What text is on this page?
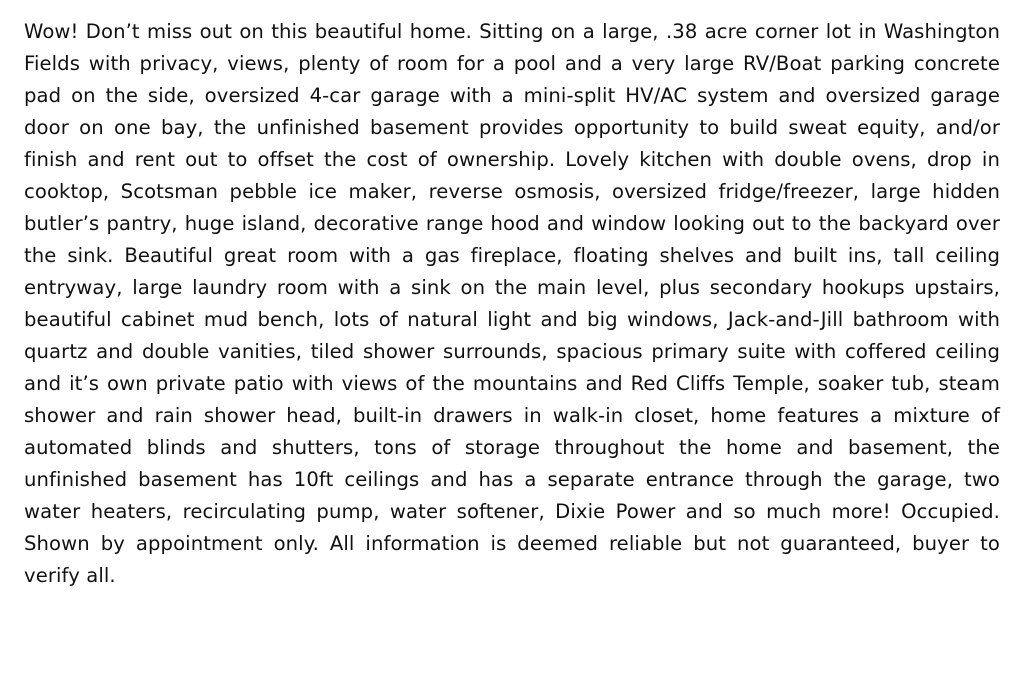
Wow! Don’t miss out on this beautiful home. Sitting on a large, .38 acre corner lot in Washington Fields with privacy, views, plenty of room for a pool and a very large RV/Boat parking concrete pad on the side, oversized 4-car garage with a mini-split HV/AC system and oversized garage door on one bay, the unfinished basement provides opportunity to build sweat equity, and/or finish and rent out to offset the cost of ownership. Lovely kitchen with double ovens, drop in cooktop, Scotsman pebble ice maker, reverse osmosis, oversized fridge/freezer, large hidden butler’s pantry, huge island, decorative range hood and window looking out to the backyard over the sink. Beautiful great room with a gas fireplace, floating shelves and built ins, tall ceiling entryway, large laundry room with a sink on the main level, plus secondary hookups upstairs, beautiful cabinet mud bench, lots of natural light and big windows, Jack-and-Jill bathroom with quartz and double vanities, tiled shower surrounds, spacious primary suite with coffered ceiling and it’s own private patio with views of the mountains and Red Cliffs Temple, soaker tub, steam shower and rain shower head, built-in drawers in walk-in closet, home features a mixture of automated blinds and shutters, tons of storage throughout the home and basement, the unfinished basement has 10ft ceilings and has a separate entrance through the garage, two water heaters, recirculating pump, water softener, Dixie Power and so much more! Occupied. Shown by appointment only. All information is deemed reliable but not guaranteed, buyer to verify all.
